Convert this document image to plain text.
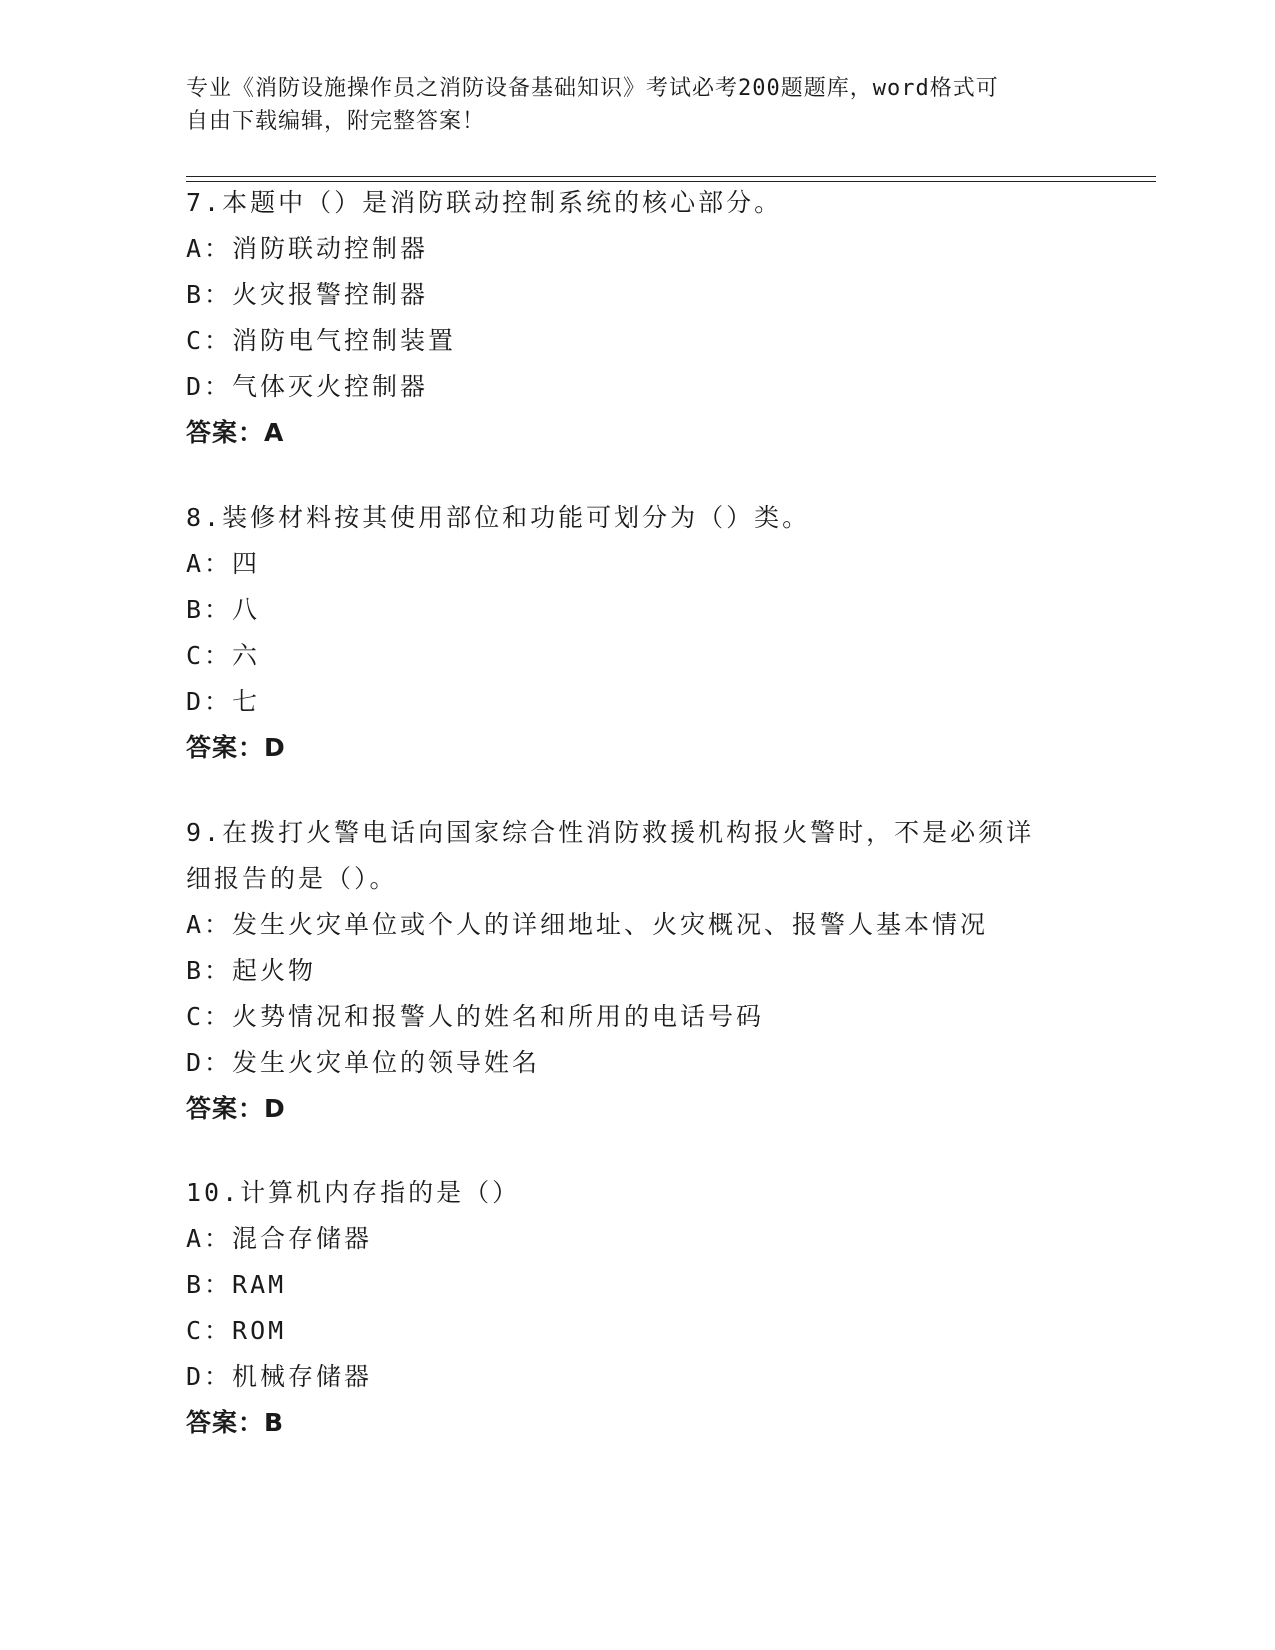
专业《消防设施操作员之消防设备基础知识》考试必考200题题库，word格式可
自由下载编辑，附完整答案！
7.本题中（）是消防联动控制系统的核心部分。
A：消防联动控制器
B：火灾报警控制器
C：消防电气控制装置
D：气体灭火控制器
答案：A
8.装修材料按其使用部位和功能可划分为（）类。
A：四
B：八
C：六
D：七
答案：D
9.在拨打火警电话向国家综合性消防救援机构报火警时，不是必须详
细报告的是（）。
A：发生火灾单位或个人的详细地址、火灾概况、报警人基本情况
B：起火物
C：火势情况和报警人的姓名和所用的电话号码
D：发生火灾单位的领导姓名
答案：D
10.计算机内存指的是（）
A：混合存储器
B：RAM
C：ROM
D：机械存储器
答案：B
